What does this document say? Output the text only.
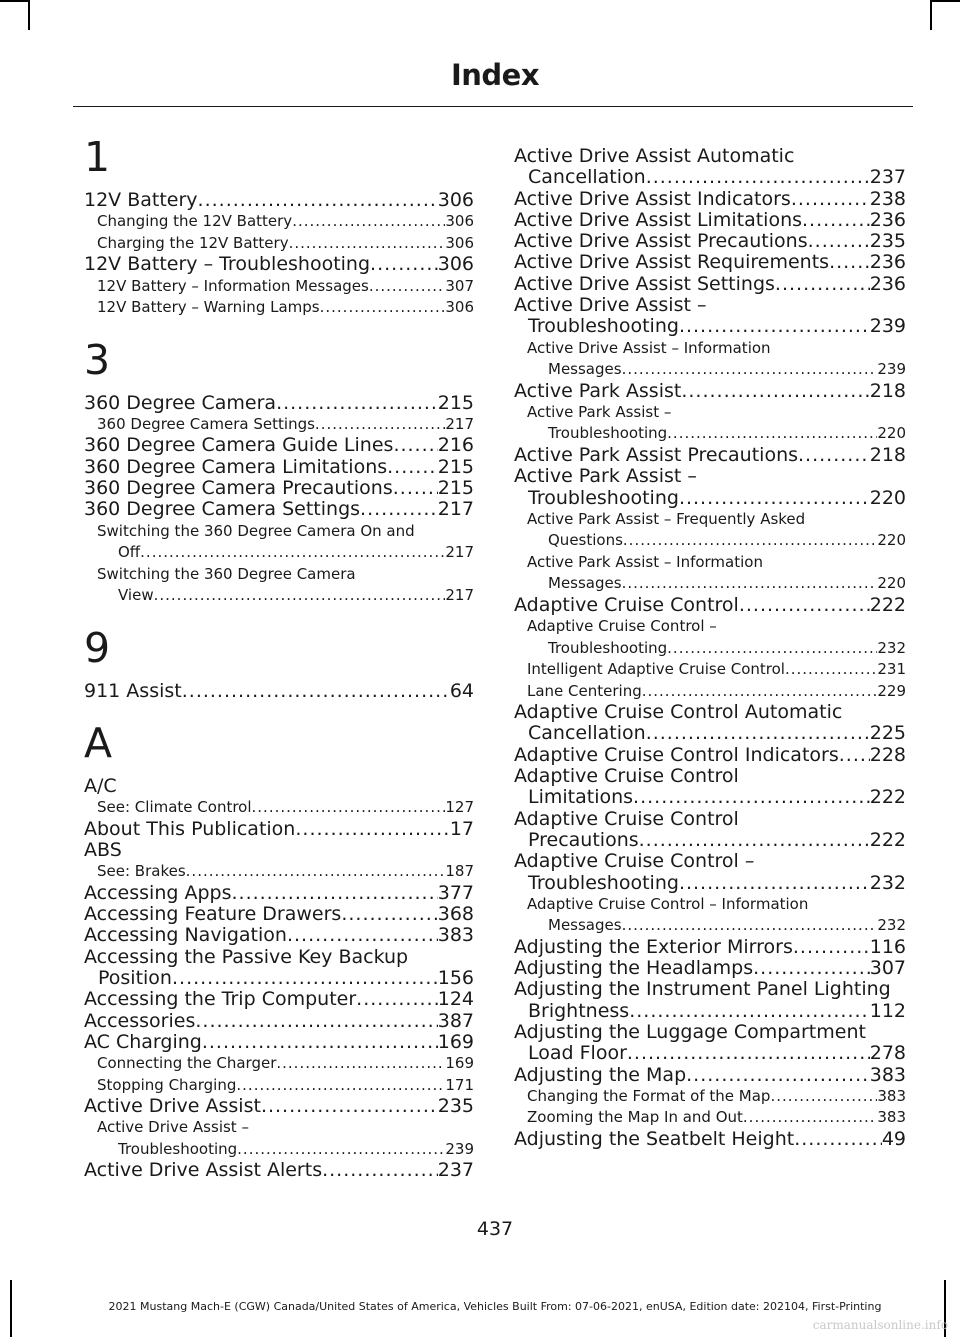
Index
1
12V Battery .....	306
Changing the 12V Battery .....	306
Charging the 12V Battery .....	306
12V Battery – Troubleshooting .....	306
12V Battery – Information Messages .....	307
12V Battery – Warning Lamps .....	306
3
360 Degree Camera .....	215
360 Degree Camera Settings .....	217
360 Degree Camera Guide Lines ..... 216
360 Degree Camera Limitations .....	215
360 Degree Camera Precautions ..... 215
360 Degree Camera Settings .....	217
Switching the 360 Degree Camera On and
Off .....	217
Switching the 360 Degree Camera
View .....	217
9
911 Assist .....	64
A
A/C
See: Climate Control .....	127
About This Publication .....	17
ABS
See: Brakes .....	187
Accessing Apps .....	377
Accessing Feature Drawers .....	368
Accessing Navigation .....	383
Accessing the Passive Key Backup
Position .....	156
Accessing the Trip Computer .....	124
Accessories .....	387
AC Charging .....	169
Connecting the Charger .....	169
Stopping Charging .....	171
Active Drive Assist .....	235
Active Drive Assist –
Troubleshooting .....	239
Active Drive Assist Alerts .....	237
Active Drive Assist Automatic
Cancellation .....	237
Active Drive Assist Indicators .....	238
Active Drive Assist Limitations .....	236
Active Drive Assist Precautions .....	235
Active Drive Assist Requirements ..... 236
Active Drive Assist Settings .....	236
Active Drive Assist –
Troubleshooting .....	239
Active Drive Assist – Information
Messages .....	239
Active Park Assist .....	218
Active Park Assist –
Troubleshooting .....	220
Active Park Assist Precautions .....	218
Active Park Assist –
Troubleshooting .....	220
Active Park Assist – Frequently Asked
Questions .....	220
Active Park Assist – Information
Messages .....	220
Adaptive Cruise Control .....	222
Adaptive Cruise Control –
Troubleshooting .....	232
Intelligent Adaptive Cruise Control .....	231
Lane Centering .....	229
Adaptive Cruise Control Automatic
Cancellation .....	225
Adaptive Cruise Control Indicators ..... 228
Adaptive Cruise Control
Limitations .....	222
Adaptive Cruise Control
Precautions .....	222
Adaptive Cruise Control –
Troubleshooting .....	232
Adaptive Cruise Control – Information
Messages .....	232
Adjusting the Exterior Mirrors .....	116
Adjusting the Headlamps .....	307
Adjusting the Instrument Panel Lighting
Brightness .....	112
Adjusting the Luggage Compartment
Load Floor .....	278
Adjusting the Map .....	383
Changing the Format of the Map .....	383
Zooming the Map In and Out .....	383
Adjusting the Seatbelt Height .....	49
437
2021 Mustang Mach-E (CGW) Canada/United States of America, Vehicles Built From: 07-06-2021, enUSA, Edition date: 202104, First-Printing
carmanualsonline.info
